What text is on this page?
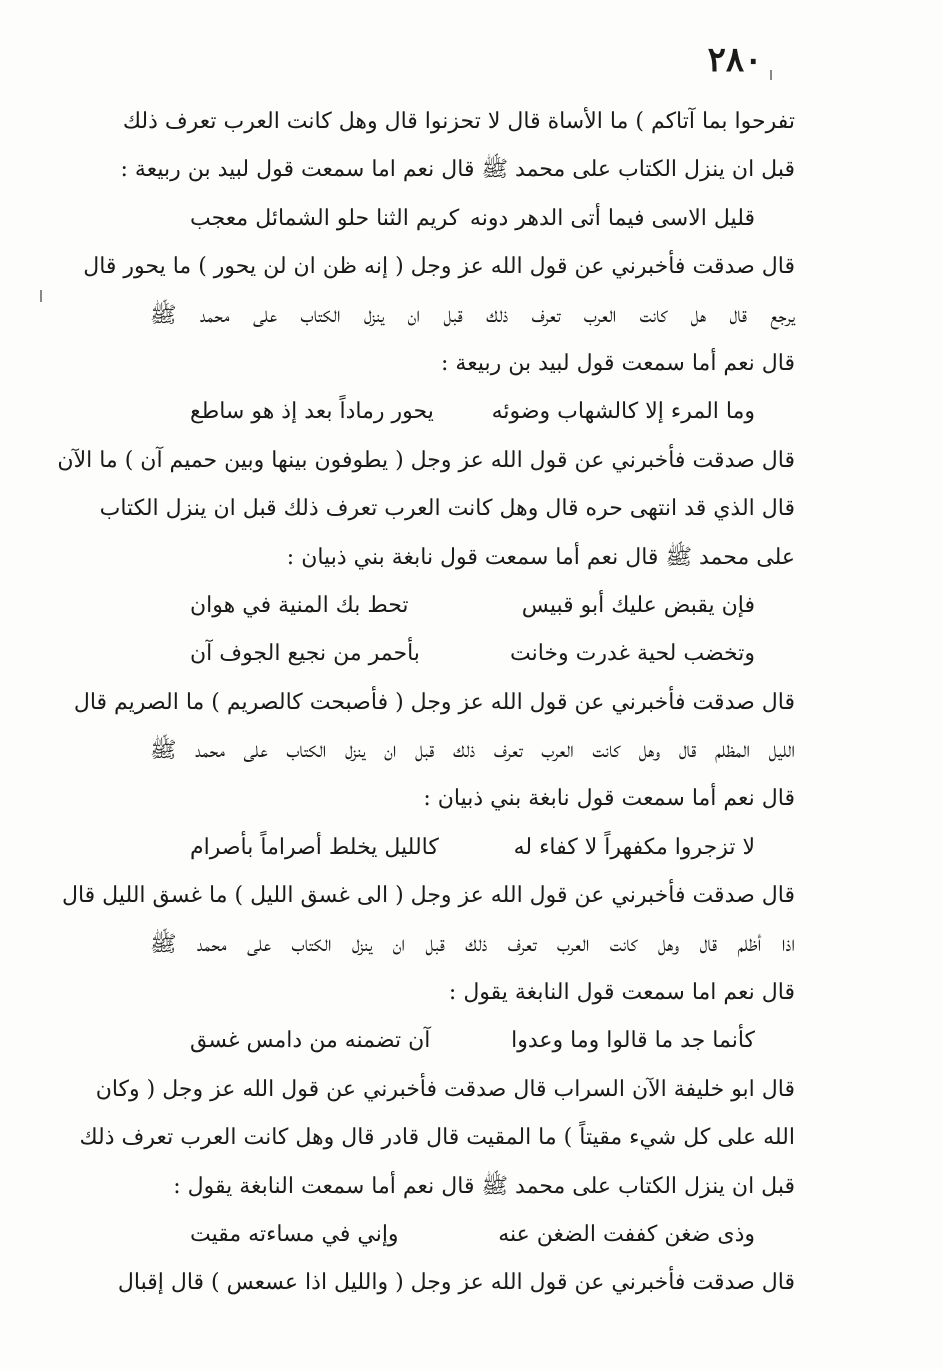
٢٨٠
تفرحوا بما آتاكم ) ما الأساة قال لا تحزنوا قال وهل كانت العرب تعرف ذلك
قبل ان ينزل الكتاب على محمد ﷺ قال نعم اما سمعت قول لبيد بن ربيعة :
قليل الاسى فيما أتى الدهر دونه
كريم الثنا حلو الشمائل معجب
قال صدقت فأخبرني عن قول الله عز وجل ( إنه ظن ان لن يحور ) ما يحور قال
يرجع قال هل كانت العرب تعرف ذلك قبل ان ينزل الكتاب على محمد ﷺ
قال نعم أما سمعت قول لبيد بن ربيعة :
وما المرء إلا كالشهاب وضوئه
يحور رماداً بعد إذ هو ساطع
قال صدقت فأخبرني عن قول الله عز وجل ( يطوفون بينها وبين حميم آن ) ما الآن
قال الذي قد انتهى حره قال وهل كانت العرب تعرف ذلك قبل ان ينزل الكتاب
على محمد ﷺ قال نعم أما سمعت قول نابغة بني ذبيان :
فإن يقبض عليك أبو قبيس
تحط بك المنية في هوان
وتخضب لحية غدرت وخانت
بأحمر من نجيع الجوف آن
قال صدقت فأخبرني عن قول الله عز وجل ( فأصبحت كالصريم ) ما الصريم قال
الليل المظلم قال وهل كانت العرب تعرف ذلك قبل ان ينزل الكتاب على محمد ﷺ
قال نعم أما سمعت قول نابغة بني ذبيان :
لا تزجروا مكفهراً لا كفاء له
كالليل يخلط أصراماً بأصرام
قال صدقت فأخبرني عن قول الله عز وجل ( الى غسق الليل ) ما غسق الليل قال
اذا أظلم قال وهل كانت العرب تعرف ذلك قبل ان ينزل الكتاب على محمد ﷺ
قال نعم اما سمعت قول النابغة يقول :
كأنما جد ما قالوا وما وعدوا
آن تضمنه من دامس غسق
قال ابو خليفة الآن السراب قال صدقت فأخبرني عن قول الله عز وجل ( وكان
الله على كل شيء مقيتاً ) ما المقيت قال قادر قال وهل كانت العرب تعرف ذلك
قبل ان ينزل الكتاب على محمد ﷺ قال نعم أما سمعت النابغة يقول :
وذى ضغن كففت الضغن عنه
وإني في مساءته مقيت
قال صدقت فأخبرني عن قول الله عز وجل ( والليل اذا عسعس ) قال إقبال
